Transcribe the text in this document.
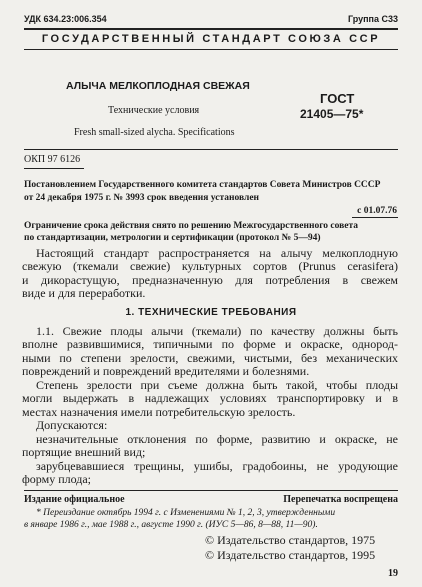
УДК 634.23:006.354	Группа С33
ГОСУДАРСТВЕННЫЙ СТАНДАРТ СОЮЗА ССР
АЛЫЧА МЕЛКОПЛОДНАЯ СВЕЖАЯ
Технические условия
Fresh small-sized alycha. Specifications
ГОСТ
21405—75*
ОКП 97 6126
Постановлением Государственного комитета стандартов Совета Министров СССР
от 24 декабря 1975 г. № 3993 срок введения установлен
с 01.07.76
Ограничение срока действия снято по решению Межгосударственного совета
по стандартизации, метрологии и сертификации (протокол № 5—94)
Настоящий стандарт распространяется на алычу мелкоплодную
свежую (ткемали свежие) культурных сортов (Prunus cerasifera)
и дикорастущую, предназначенную для потребления в свежем
виде и для переработки.
1. ТЕХНИЧЕСКИЕ ТРЕБОВАНИЯ
1.1. Свежие плоды алычи (ткемали) по качеству должны быть
вполне развившимися, типичными по форме и окраске, однород-
ными по степени зрелости, свежими, чистыми, без механических
повреждений и повреждений вредителями и болезнями.
Степень зрелости при съеме должна быть такой, чтобы плоды
могли выдержать в надлежащих условиях транспортировку и в
местах назначения имели потребительскую зрелость.
Допускаются:
незначительные отклонения по форме, развитию и окраске, не
портящие внешний вид;
зарубцевавшиеся трещины, ушибы, градобоины, не уродующие
форму плода;
Издание официальное	Перепечатка воспрещена
* Переиздание октябрь 1994 г. с Изменениями № 1, 2, 3, утвержденными
в январе 1986 г., мае 1988 г., августе 1990 г. (ИУС 5—86, 8—88, 11—90).
© Издательство стандартов, 1975
© Издательство стандартов, 1995
19
